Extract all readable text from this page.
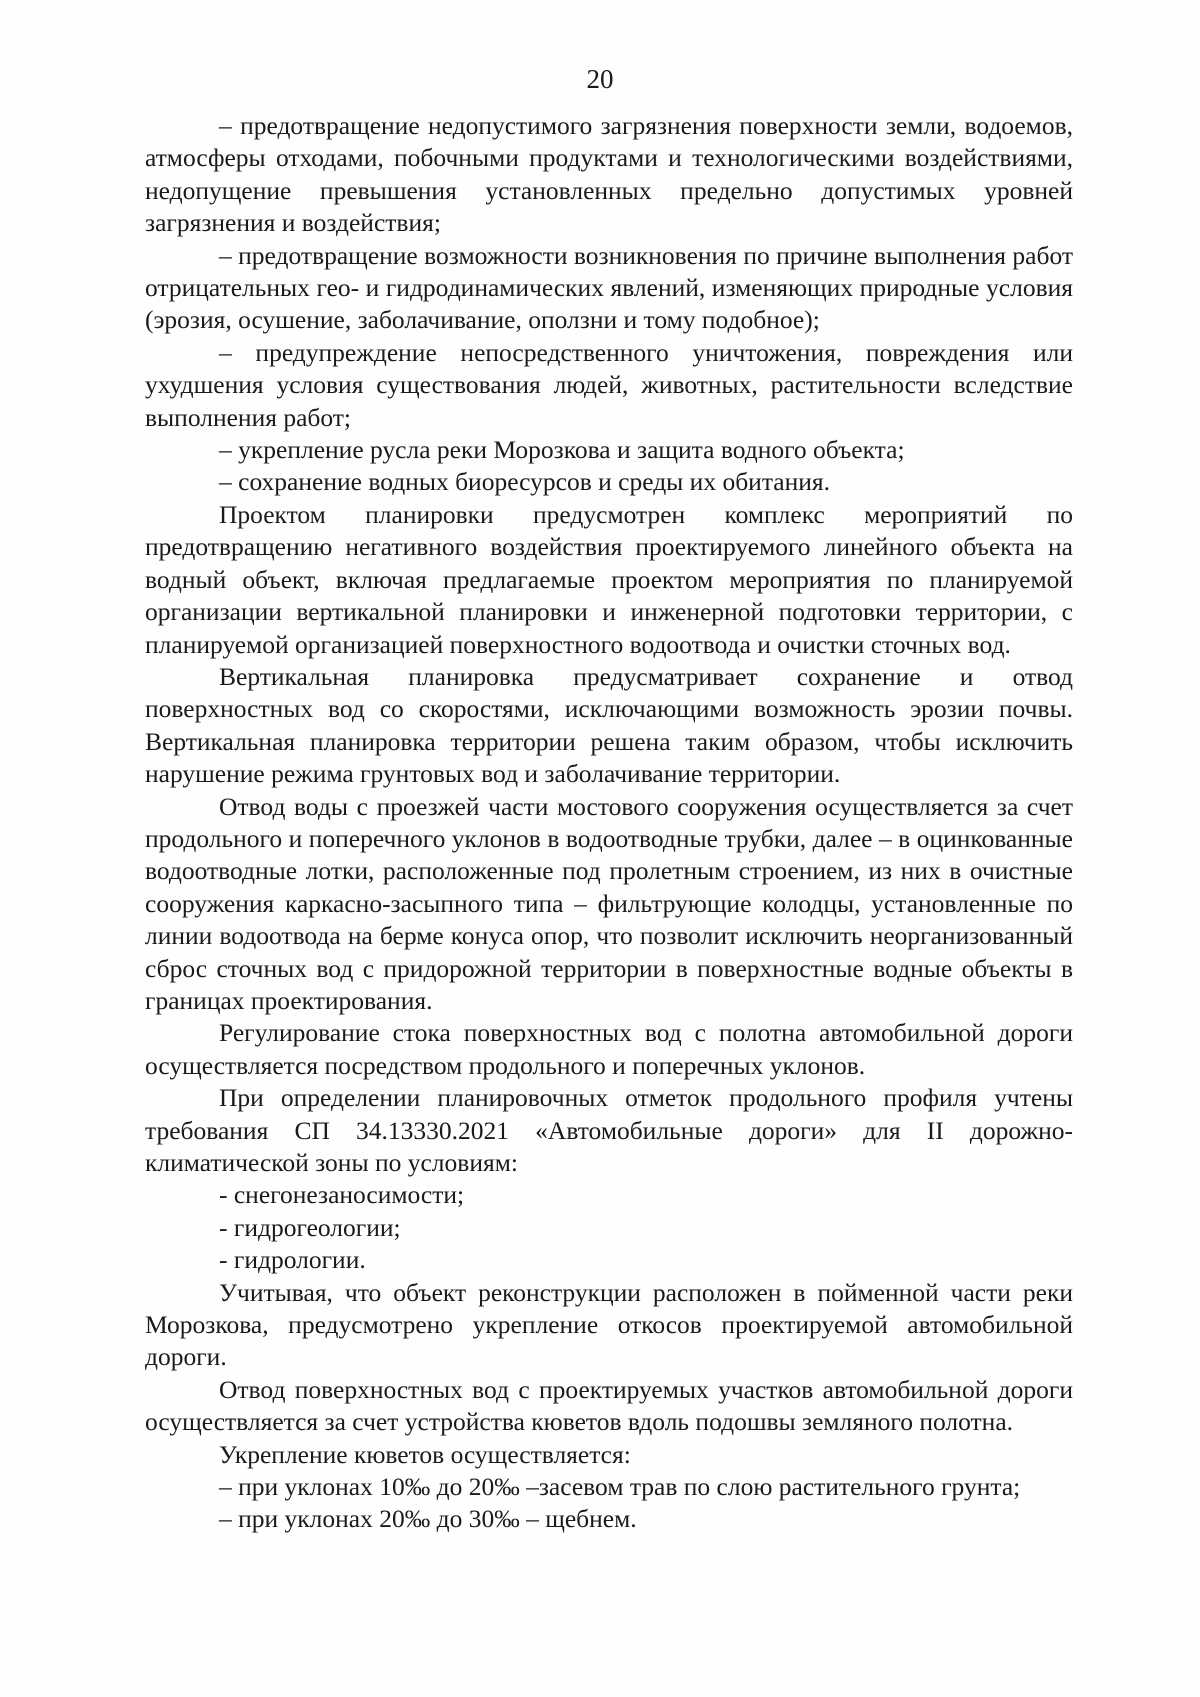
20

– предотвращение недопустимого загрязнения поверхности земли, водоемов, атмосферы отходами, побочными продуктами и технологическими воздействиями, недопущение превышения установленных предельно допустимых уровней загрязнения и воздействия;

– предотвращение возможности возникновения по причине выполнения работ отрицательных гео- и гидродинамических явлений, изменяющих природные условия (эрозия, осушение, заболачивание, оползни и тому подобное);

– предупреждение непосредственного уничтожения, повреждения или ухудшения условия существования людей, животных, растительности вследствие выполнения работ;

– укрепление русла реки Морозкова и защита водного объекта;

– сохранение водных биоресурсов и среды их обитания.

Проектом планировки предусмотрен комплекс мероприятий по предотвращению негативного воздействия проектируемого линейного объекта на водный объект, включая предлагаемые проектом мероприятия по планируемой организации вертикальной планировки и инженерной подготовки территории, с планируемой организацией поверхностного водоотвода и очистки сточных вод.

Вертикальная планировка предусматривает сохранение и отвод поверхностных вод со скоростями, исключающими возможность эрозии почвы. Вертикальная планировка территории решена таким образом, чтобы исключить нарушение режима грунтовых вод и заболачивание территории.

Отвод воды с проезжей части мостового сооружения осуществляется за счет продольного и поперечного уклонов в водоотводные трубки, далее – в оцинкованные водоотводные лотки, расположенные под пролетным строением, из них в очистные сооружения каркасно-засыпного типа – фильтрующие колодцы, установленные по линии водоотвода на берме конуса опор, что позволит исключить неорганизованный сброс сточных вод с придорожной территории в поверхностные водные объекты в границах проектирования.

Регулирование стока поверхностных вод с полотна автомобильной дороги осуществляется посредством продольного и поперечных уклонов.

При определении планировочных отметок продольного профиля учтены требования СП 34.13330.2021 «Автомобильные дороги» для II дорожно-климатической зоны по условиям:

- снегонезаносимости;

- гидрогеологии;

- гидрологии.

Учитывая, что объект реконструкции расположен в пойменной части реки Морозкова, предусмотрено укрепление откосов проектируемой автомобильной дороги.

Отвод поверхностных вод с проектируемых участков автомобильной дороги осуществляется за счет устройства кюветов вдоль подошвы земляного полотна.

Укрепление кюветов осуществляется:

– при уклонах 10‰ до 20‰ –засевом трав по слою растительного грунта;

– при уклонах 20‰ до 30‰ – щебнем.
